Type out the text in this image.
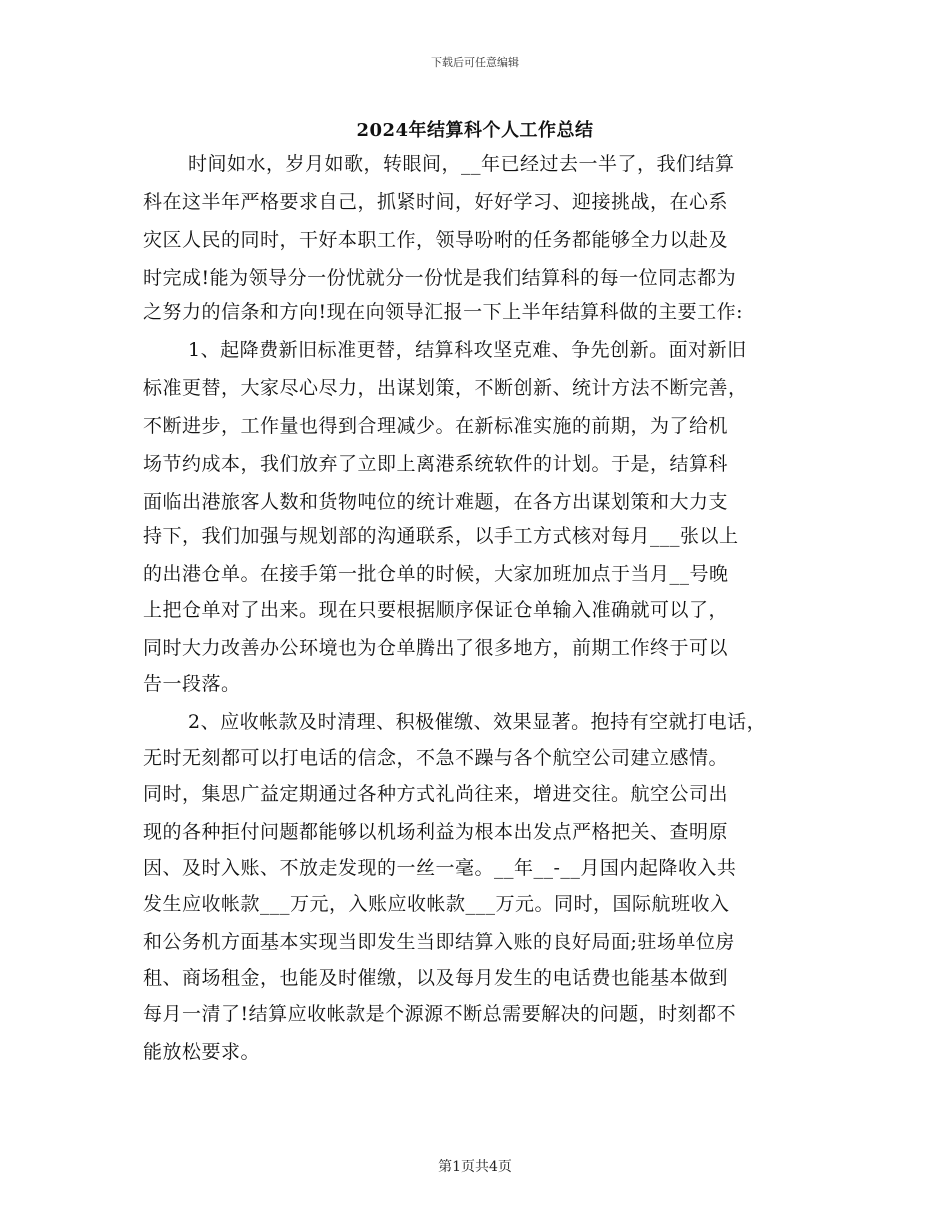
下载后可任意编辑
2024年结算科个人工作总结
时间如水，岁月如歌，转眼间，__年已经过去一半了，我们结算
科在这半年严格要求自己，抓紧时间，好好学习、迎接挑战，在心系
灾区人民的同时，干好本职工作，领导吩咐的任务都能够全力以赴及
时完成!能为领导分一份忧就分一份忧是我们结算科的每一位同志都为
之努力的信条和方向!现在向领导汇报一下上半年结算科做的主要工作:
1、起降费新旧标准更替，结算科攻坚克难、争先创新。面对新旧
标准更替，大家尽心尽力，出谋划策，不断创新、统计方法不断完善，
不断进步，工作量也得到合理减少。在新标准实施的前期，为了给机
场节约成本，我们放弃了立即上离港系统软件的计划。于是，结算科
面临出港旅客人数和货物吨位的统计难题，在各方出谋划策和大力支
持下，我们加强与规划部的沟通联系，以手工方式核对每月___张以上
的出港仓单。在接手第一批仓单的时候，大家加班加点于当月__号晚
上把仓单对了出来。现在只要根据顺序保证仓单输入准确就可以了，
同时大力改善办公环境也为仓单腾出了很多地方，前期工作终于可以
告一段落。
2、应收帐款及时清理、积极催缴、效果显著。抱持有空就打电话，
无时无刻都可以打电话的信念，不急不躁与各个航空公司建立感情。
同时，集思广益定期通过各种方式礼尚往来，增进交往。航空公司出
现的各种拒付问题都能够以机场利益为根本出发点严格把关、查明原
因、及时入账、不放走发现的一丝一毫。__年__-__月国内起降收入共
发生应收帐款___万元，入账应收帐款___万元。同时，国际航班收入
和公务机方面基本实现当即发生当即结算入账的良好局面;驻场单位房
租、商场租金，也能及时催缴，以及每月发生的电话费也能基本做到
每月一清了!结算应收帐款是个源源不断总需要解决的问题，时刻都不
能放松要求。
第1页共4页
